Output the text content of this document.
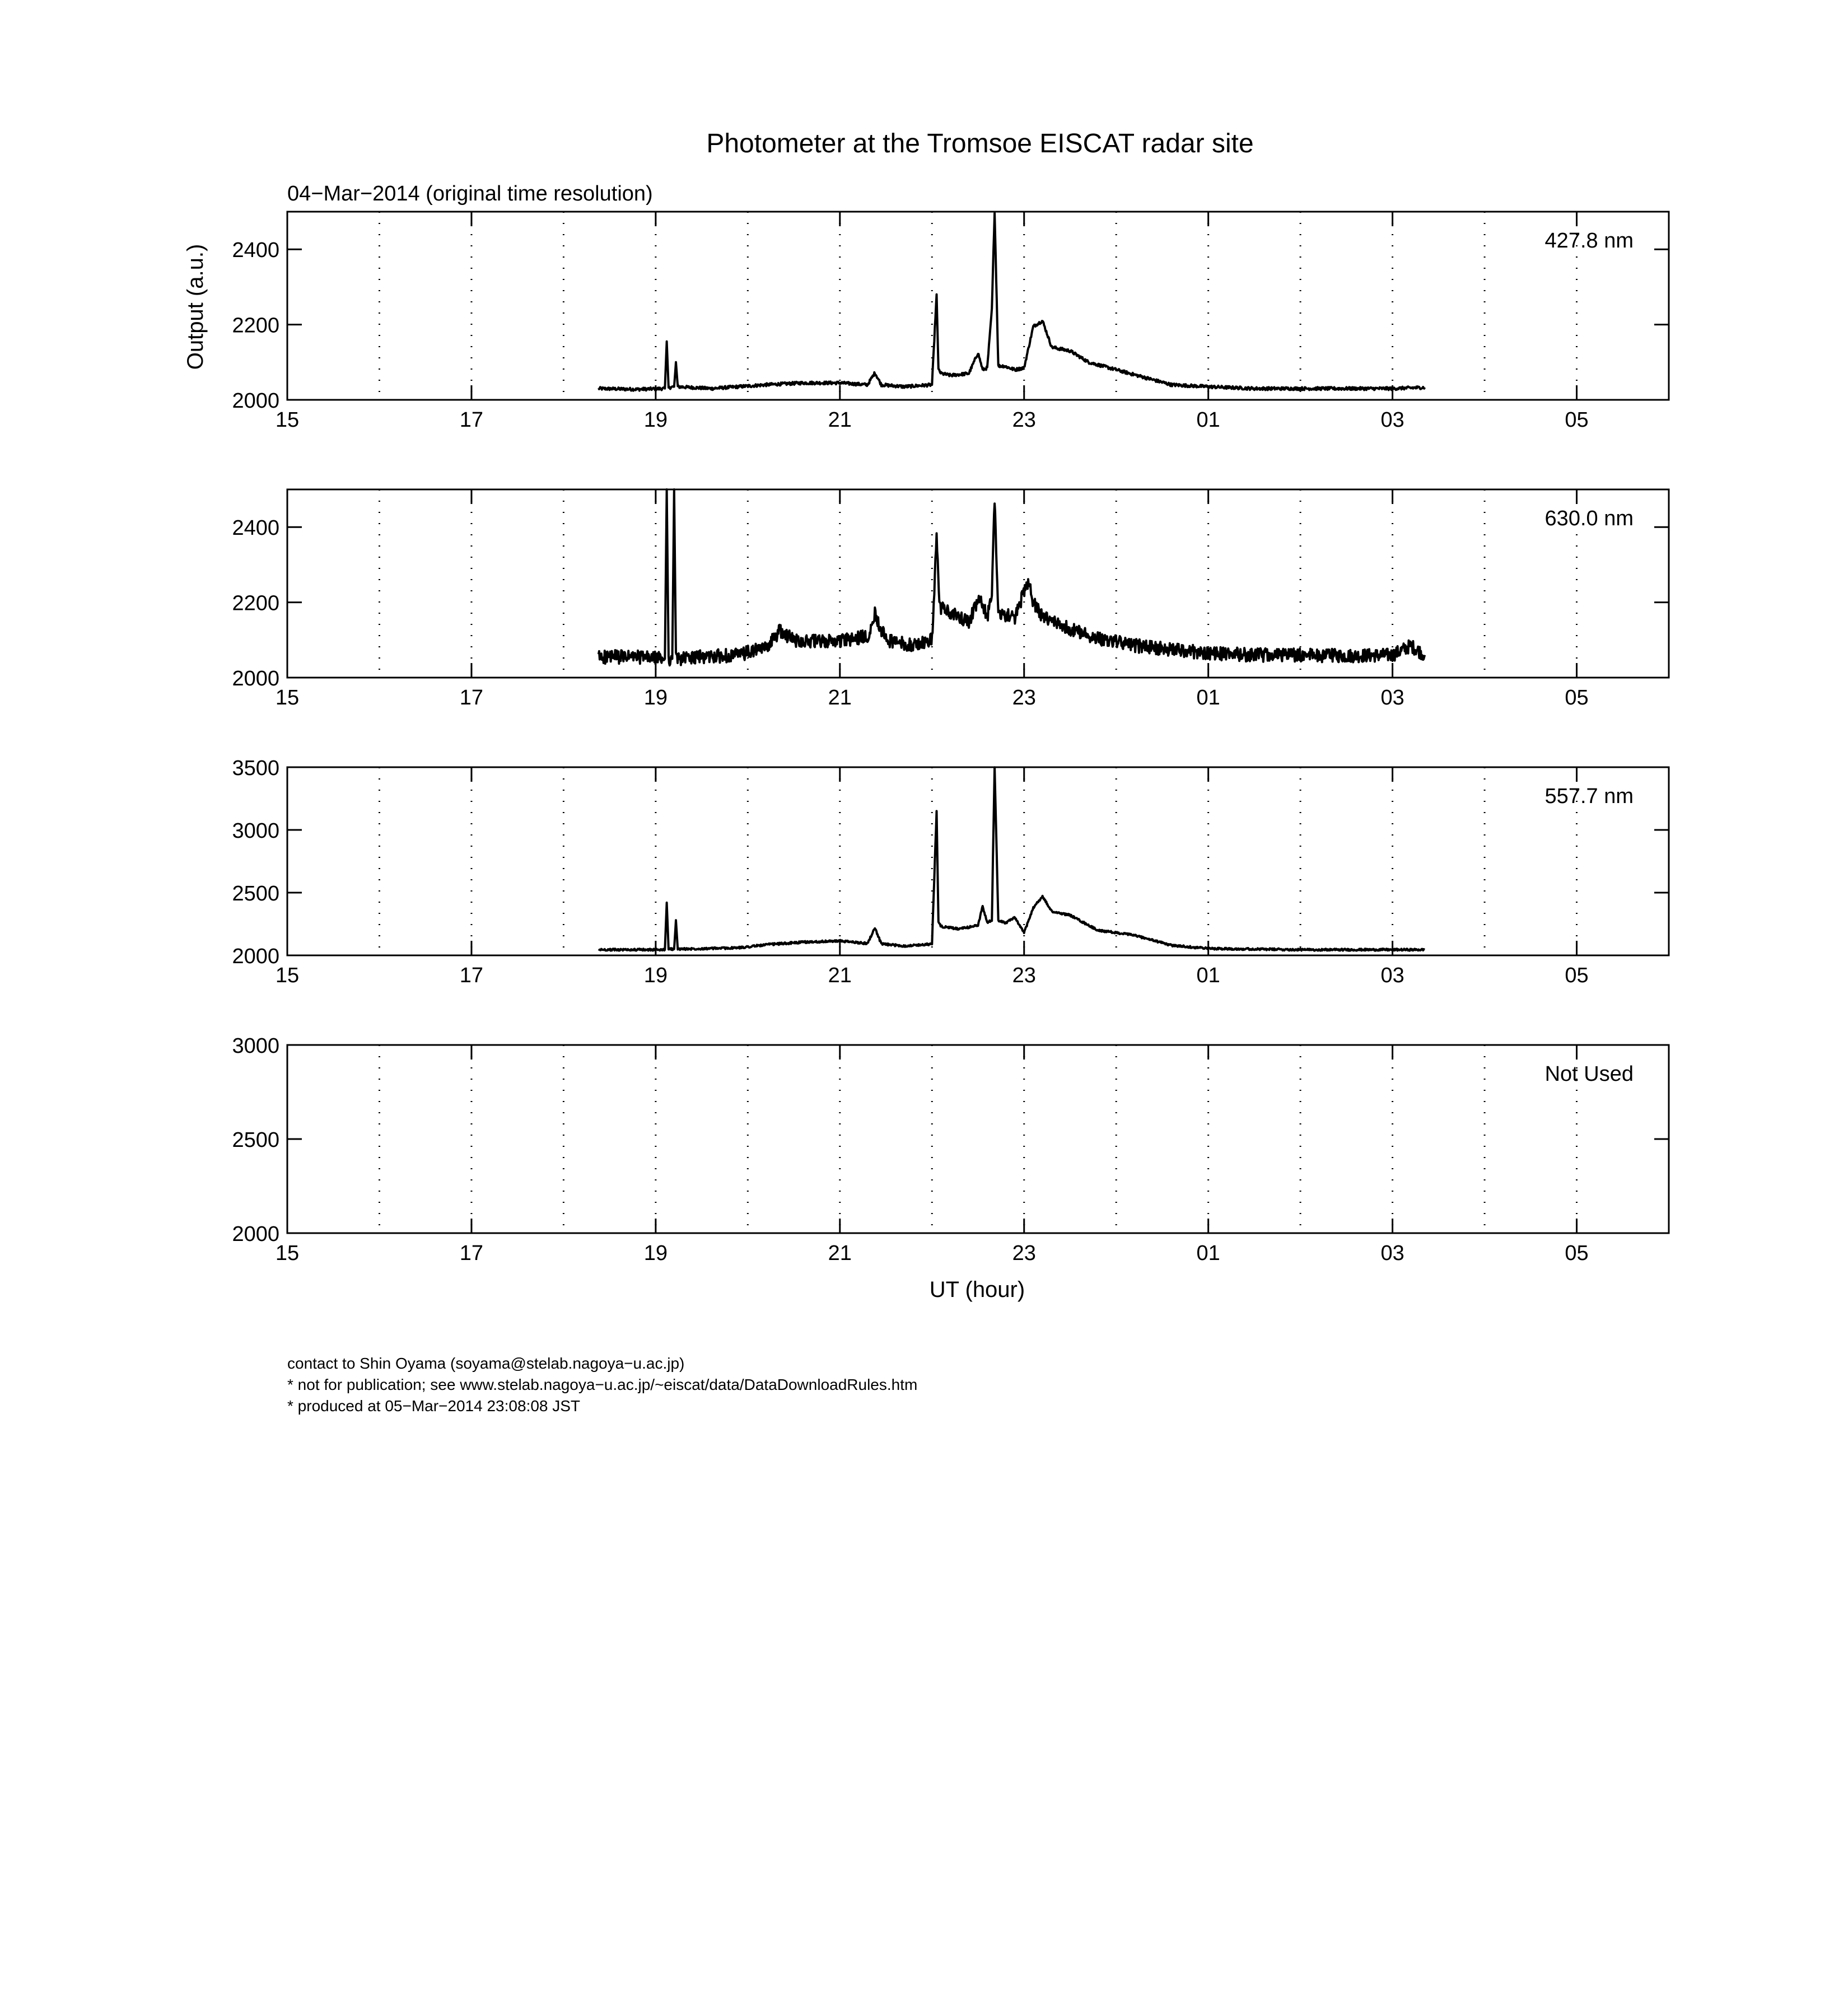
Photometer at the Tromsoe EISCAT radar site
04−Mar−2014 (original time resolution)
Output (a.u.)
UT (hour)
15	17	19	21	23	01	03	05
2000
2200
2400	427.8 nm
15	17	19	21	23	01	03	05
2000
2200
2400	630.0 nm
15	17	19	21	23	01	03	05
2000
2500
3000
3500
557.7 nm
15	17	19	21	23	01	03	05
2000
2500
3000
Not Used
contact to Shin Oyama (soyama@stelab.nagoya−u.ac.jp)
* not for publication; see www.stelab.nagoya−u.ac.jp/~eiscat/data/DataDownloadRules.htm
* produced at 05−Mar−2014 23:08:08 JST
